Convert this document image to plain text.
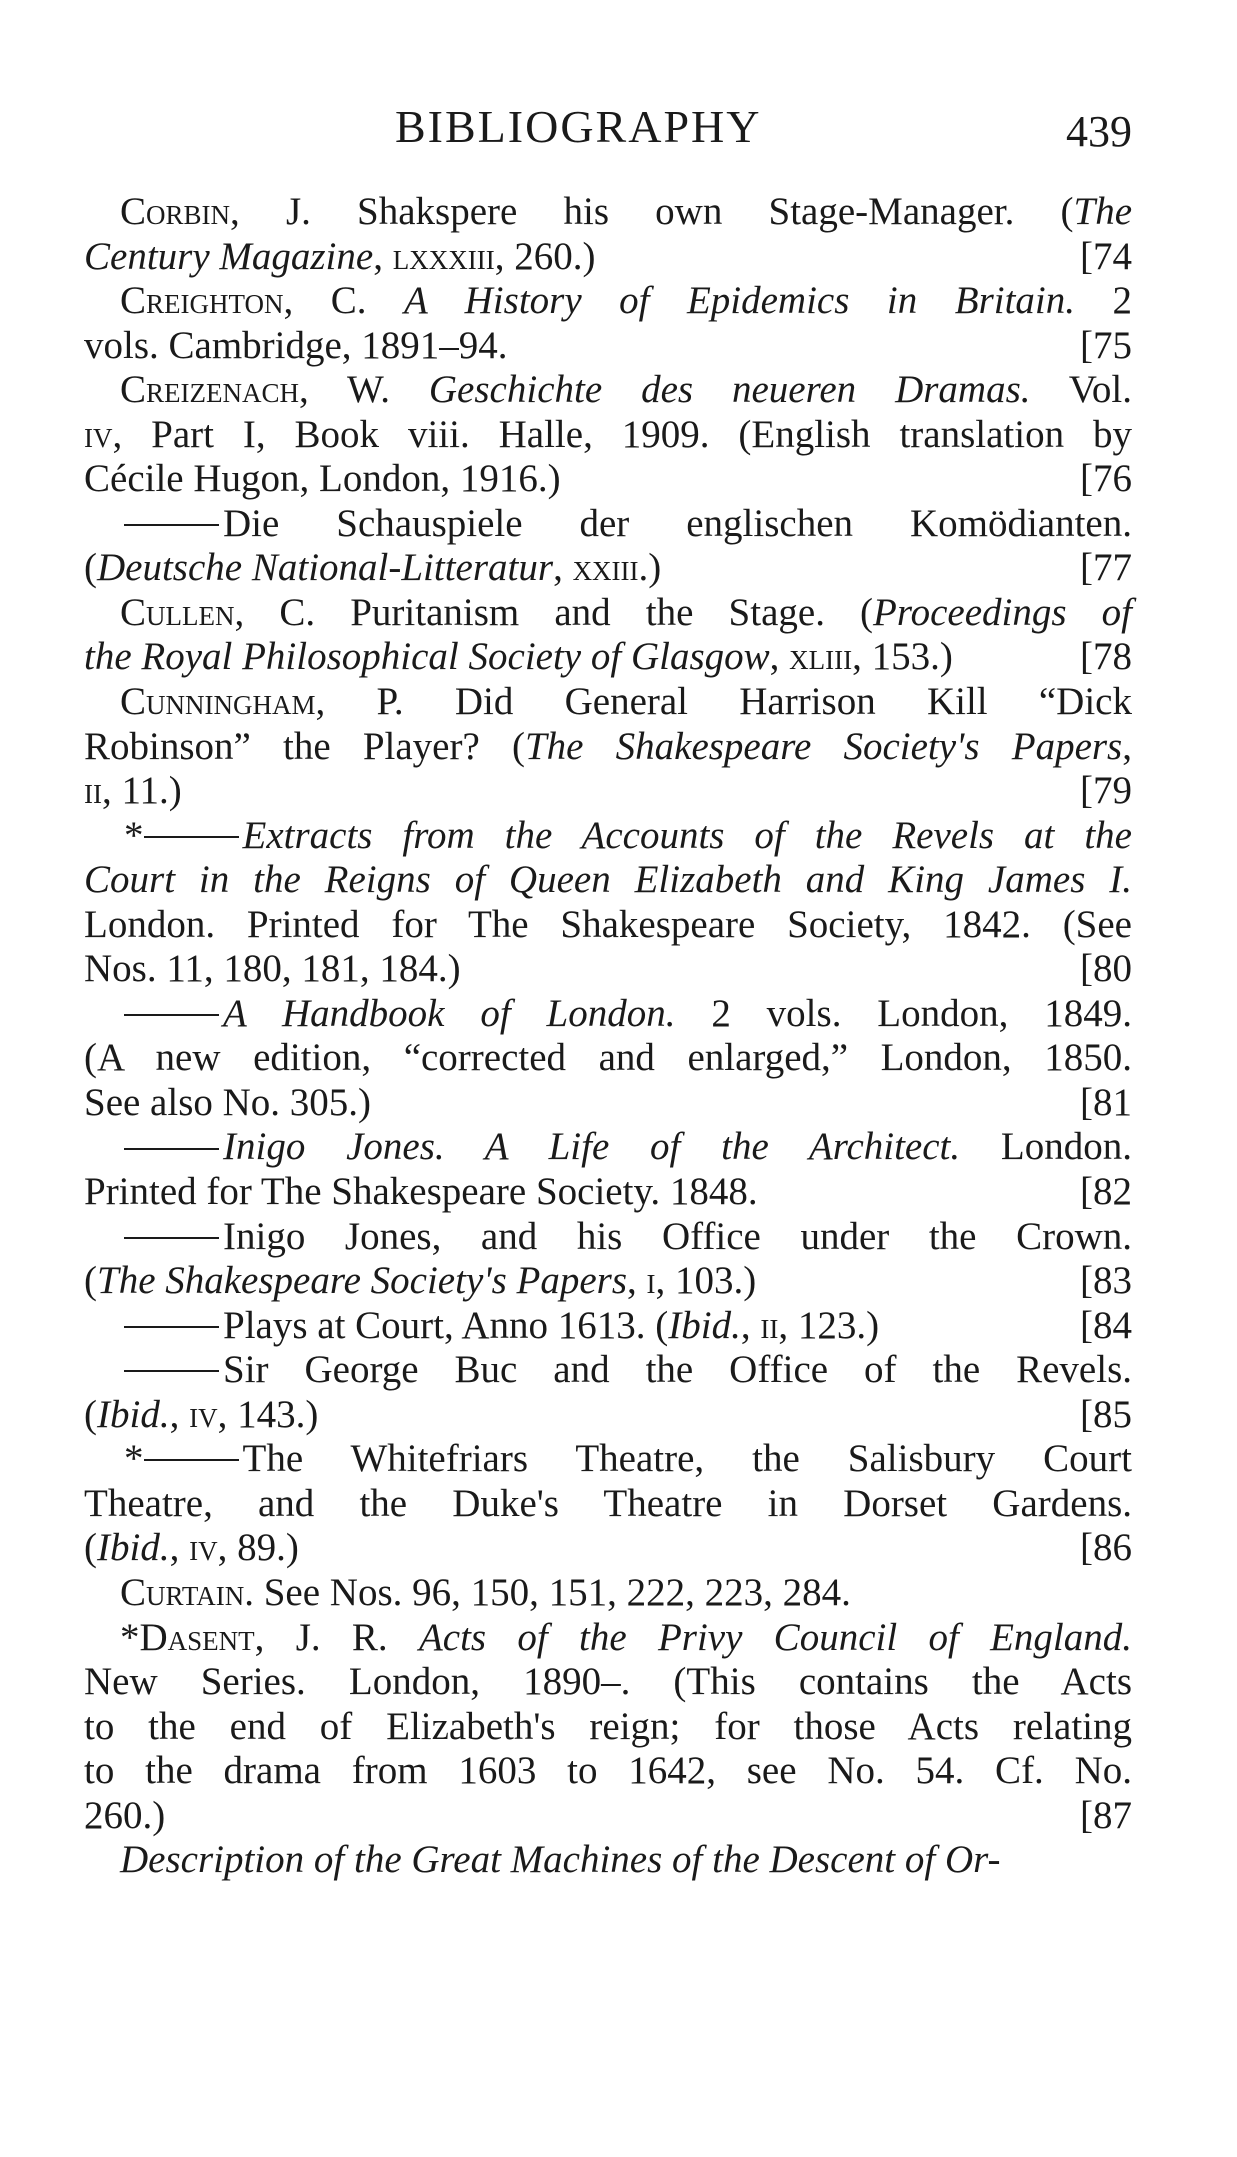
BIBLIOGRAPHY	439
Corbin, J. Shakspere his own Stage-Manager. (The
Century Magazine, lxxxiii, 260.)	[74
Creighton, C. A History of Epidemics in Britain. 2
vols. Cambridge, 1891–94.	[75
Creizenach, W. Geschichte des neueren Dramas. Vol.
iv, Part I, Book viii. Halle, 1909. (English translation by
Cécile Hugon, London, 1916.)	[76
Die Schauspiele der englischen Komödianten.
(Deutsche National-Litteratur, xxiii.)	[77
Cullen, C. Puritanism and the Stage. (Proceedings of
the Royal Philosophical Society of Glasgow, xliii, 153.)	[78
Cunningham, P. Did General Harrison Kill “Dick
Robinson” the Player? (The Shakespeare Society's Papers,
ii, 11.)	[79
*	Extracts from the Accounts of the Revels at the
Court in the Reigns of Queen Elizabeth and King James I.
London. Printed for The Shakespeare Society, 1842. (See
Nos. 11, 180, 181, 184.)	[80
A Handbook of London. 2 vols. London, 1849.
(A new edition, “corrected and enlarged,” London, 1850.
See also No. 305.)	[81
Inigo Jones. A Life of the Architect. London.
Printed for The Shakespeare Society. 1848.	[82
Inigo Jones, and his Office under the Crown.
(The Shakespeare Society's Papers, i, 103.)	[83
Plays at Court, Anno 1613. (Ibid., ii, 123.)	[84
Sir George Buc and the Office of the Revels.
(Ibid., iv, 143.)	[85
*	The Whitefriars Theatre, the Salisbury Court
Theatre, and the Duke's Theatre in Dorset Gardens.
(Ibid., iv, 89.)	[86
Curtain. See Nos. 96, 150, 151, 222, 223, 284.
*Dasent, J. R. Acts of the Privy Council of England.
New Series. London, 1890–. (This contains the Acts
to the end of Elizabeth's reign; for those Acts relating
to the drama from 1603 to 1642, see No. 54. Cf. No.
260.)	[87
Description of the Great Machines of the Descent of Or-
